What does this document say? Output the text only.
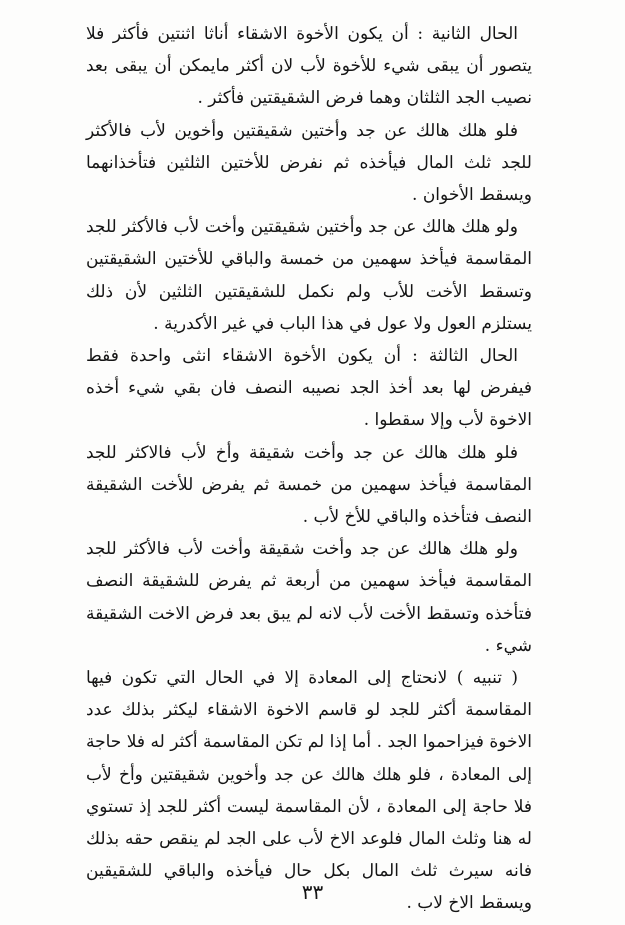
الحال الثانية : أن يكون الأخوة الاشقاء أناثا اثنتين فأكثر فلا يتصور أن يبقى شيء للأخوة لأب لان أكثر مايمكن أن يبقى بعد نصيب الجد الثلثان وهما فرض الشقيقتين فأكثر .

فلو هلك هالك عن جد وأختين شقيقتين وأخوين لأب فالأكثر للجد ثلث المال فيأخذه ثم نفرض للأختين الثلثين فتأخذانهما ويسقط الأخوان .

ولو هلك هالك عن جد وأختين شقيقتين وأخت لأب فالأكثر للجد المقاسمة فيأخذ سهمين من خمسة والباقي للأختين الشقيقتين وتسقط الأخت للأب ولم نكمل للشقيقتين الثلثين لأن ذلك يستلزم العول ولا عول في هذا الباب في غير الأكدرية .

الحال الثالثة : أن يكون الأخوة الاشقاء انثى واحدة فقط فيفرض لها بعد أخذ الجد نصيبه النصف فان بقي شيء أخذه الاخوة لأب وإلا سقطوا .

فلو هلك هالك عن جد وأخت شقيقة وأخ لأب فالاكثر للجد المقاسمة فيأخذ سهمين من خمسة ثم يفرض للأخت الشقيقة النصف فتأخذه والباقي للأخ لأب .

ولو هلك هالك عن جد وأخت شقيقة وأخت لأب فالأكثر للجد المقاسمة فيأخذ سهمين من أربعة ثم يفرض للشقيقة النصف فتأخذه وتسقط الأخت لأب لانه لم يبق بعد فرض الاخت الشقيقة شيء .

( تنبيه ) لانحتاج إلى المعادة إلا في الحال التي تكون فيها المقاسمة أكثر للجد لو قاسم الاخوة الاشقاء ليكثر بذلك عدد الاخوة فيزاحموا الجد . أما إذا لم تكن المقاسمة أكثر له فلا حاجة إلى المعادة ، فلو هلك هالك عن جد وأخوين شقيقتين وأخ لأب فلا حاجة إلى المعادة ، لأن المقاسمة ليست أكثر للجد إذ تستوي له هنا وثلث المال فلوعد الاخ لأب على الجد لم ينقص حقه بذلك فانه سيرث ثلث المال بكل حال فيأخذه والباقي للشقيقين ويسقط الاخ لاب .

٣٣
